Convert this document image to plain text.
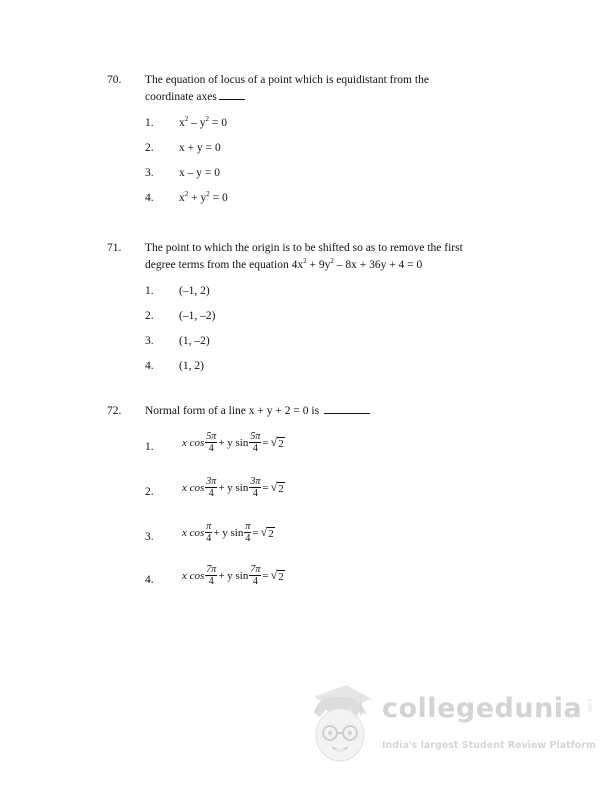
70. The equation of locus of a point which is equidistant from the
coordinate axes
1. $x^2 - y^2 = 0$
2. x + y = 0
3. x – y = 0
4. $x^2 + y^2 = 0$
71. The point to which the origin is to be shifted so as to remove the first
degree terms from the equation $4x^2 + 9y^2 - 8x + 36y + 4 = 0$
1. (–1, 2)
2. (–1, –2)
3. (1, –2)
4. (1, 2)
72. Normal form of a line x + y + 2 = 0 is
1.	x $\cos \frac{5\pi}{4} + y$ $\sin \frac{5\pi}{4}$ = √ 2
2.	x $\cos \frac{3\pi}{4} + y$ $\sin \frac{3\pi}{4}$ = √ 2
3.	x $\cos \frac{\pi}{4} + y$ $\sin \frac{\pi}{4}$ = √ 2
4.	x $\cos \frac{7\pi}{4} + y$ $\sin \frac{7\pi}{4}$ = √ 2
collegedunia .com
India's largest Student Review Platform
